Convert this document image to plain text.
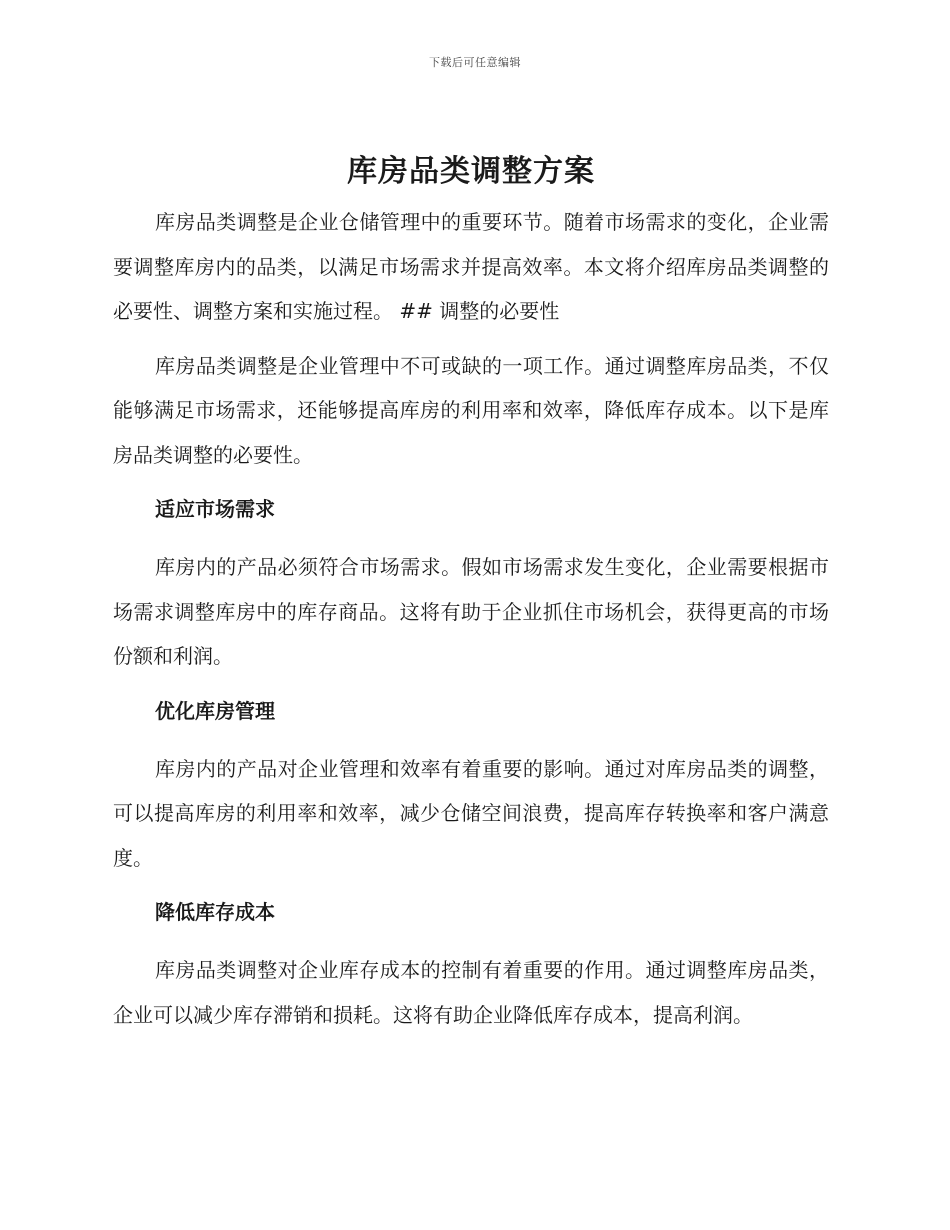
下载后可任意编辑
库房品类调整方案

库房品类调整是企业仓储管理中的重要环节。随着市场需求的变化，企业需要调整库房内的品类，以满足市场需求并提高效率。本文将介绍库房品类调整的必要性、调整方案和实施过程。 ## 调整的必要性

库房品类调整是企业管理中不可或缺的一项工作。通过调整库房品类，不仅能够满足市场需求，还能够提高库房的利用率和效率，降低库存成本。以下是库房品类调整的必要性。

适应市场需求

库房内的产品必须符合市场需求。假如市场需求发生变化，企业需要根据市场需求调整库房中的库存商品。这将有助于企业抓住市场机会，获得更高的市场份额和利润。

优化库房管理

库房内的产品对企业管理和效率有着重要的影响。通过对库房品类的调整，可以提高库房的利用率和效率，减少仓储空间浪费，提高库存转换率和客户满意度。

降低库存成本

库房品类调整对企业库存成本的控制有着重要的作用。通过调整库房品类，企业可以减少库存滞销和损耗。这将有助企业降低库存成本，提高利润。
